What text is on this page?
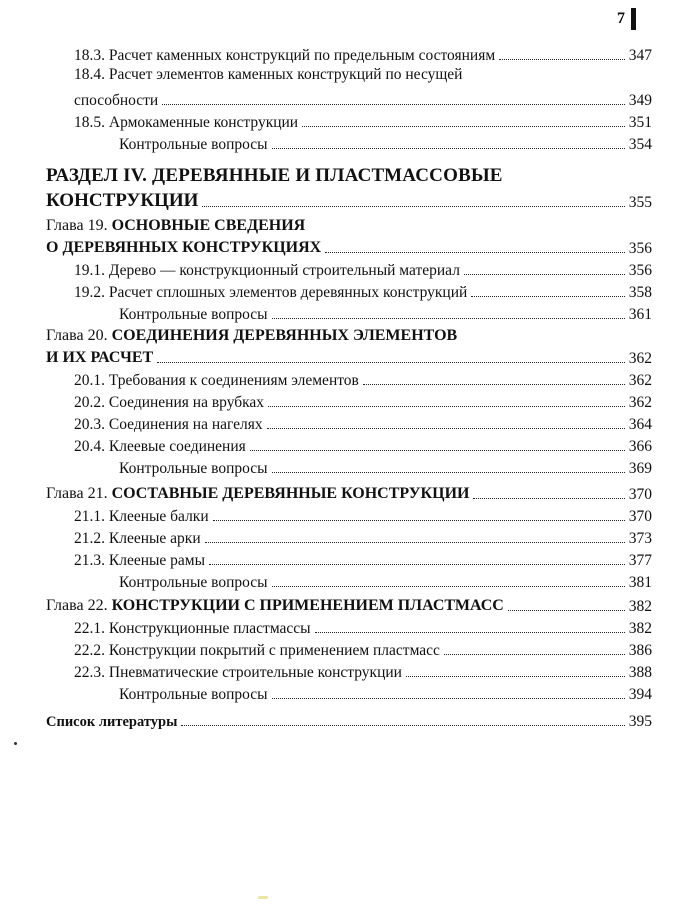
7
18.3. Расчет каменных конструкций по предельным состояниям	347
18.4. Расчет элементов каменных конструкций по несущей
способности	349
18.5. Армокаменные конструкции	351
Контрольные вопросы	354
РАЗДЕЛ IV. ДЕРЕВЯННЫЕ И ПЛАСТМАССОВЫЕ
КОНСТРУКЦИИ	355
Глава 19. ОСНОВНЫЕ СВЕДЕНИЯ
О ДЕРЕВЯННЫХ КОНСТРУКЦИЯХ	356
19.1. Дерево — конструкционный строительный материал	356
19.2. Расчет сплошных элементов деревянных конструкций	358
Контрольные вопросы	361
Глава 20. СОЕДИНЕНИЯ ДЕРЕВЯННЫХ ЭЛЕМЕНТОВ
И ИХ РАСЧЕТ	362
20.1. Требования к соединениям элементов	362
20.2. Соединения на врубках	362
20.3. Соединения на нагелях	364
20.4. Клеевые соединения	366
Контрольные вопросы	369
Глава 21. СОСТАВНЫЕ ДЕРЕВЯННЫЕ КОНСТРУКЦИИ	370
21.1. Клееные балки	370
21.2. Клееные арки	373
21.3. Клееные рамы	377
Контрольные вопросы	381
Глава 22. КОНСТРУКЦИИ С ПРИМЕНЕНИЕМ ПЛАСТМАСС	382
22.1. Конструкционные пластмассы	382
22.2. Конструкции покрытий с применением пластмасс	386
22.3. Пневматические строительные конструкции	388
Контрольные вопросы	394
Список литературы	395
